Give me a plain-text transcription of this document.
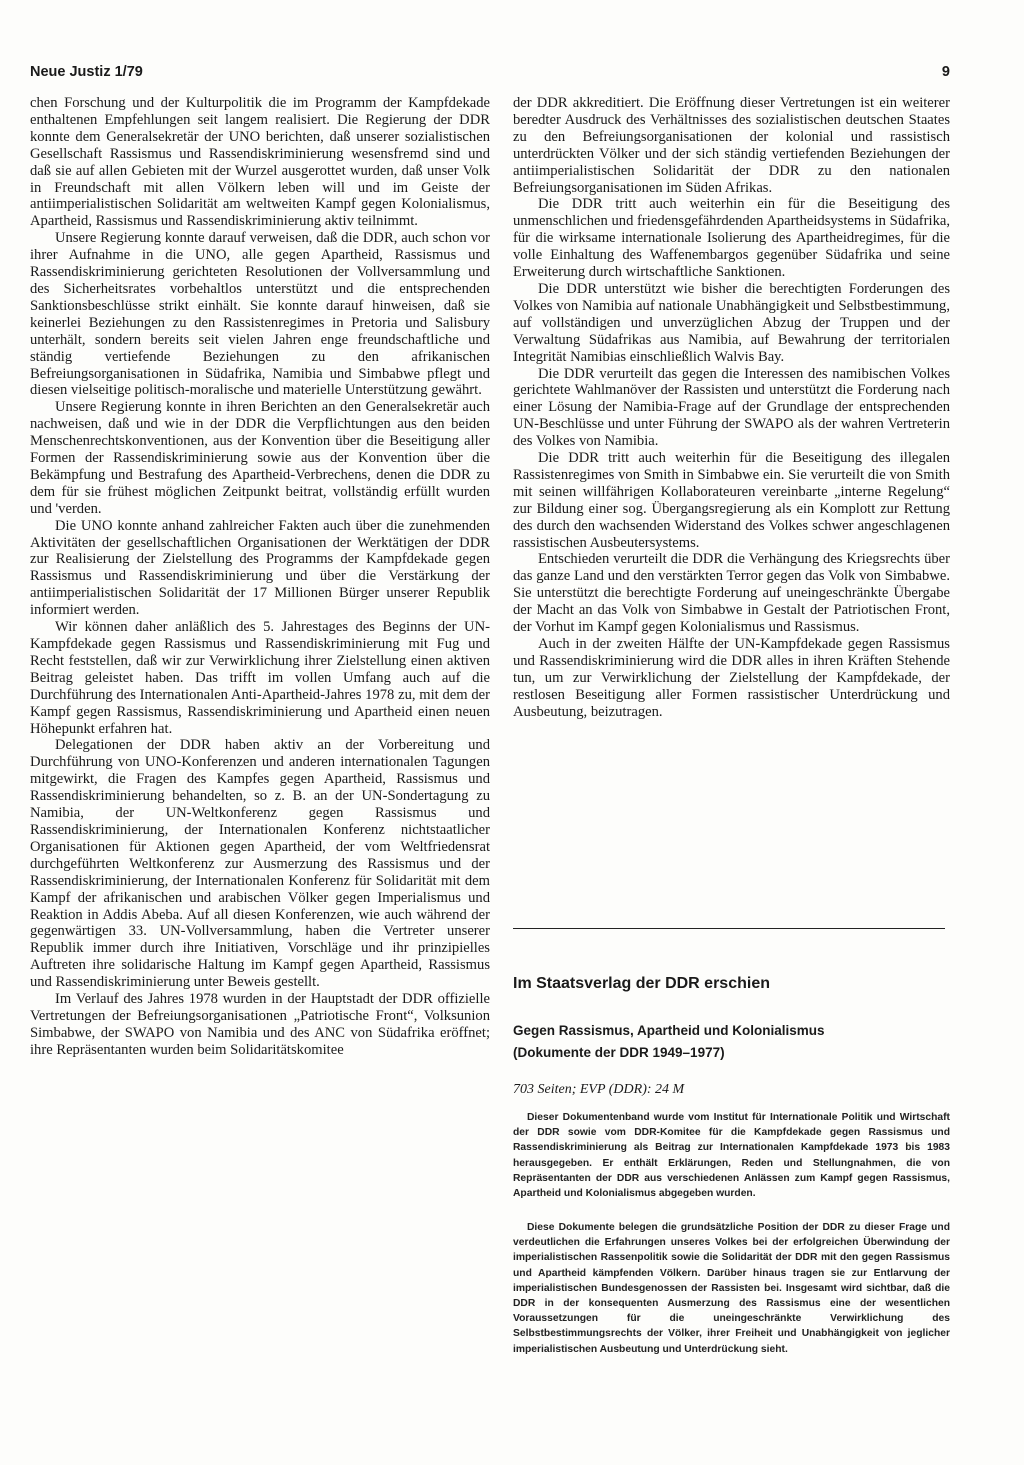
Neue Justiz 1/79	9

chen Forschung und der Kulturpolitik die im Programm der Kampfdekade enthaltenen Empfehlungen seit langem realisiert. Die Regierung der DDR konnte dem Generalsekretär der UNO berichten, daß unserer sozialistischen Gesellschaft Rassismus und Rassendiskriminierung wesensfremd sind und daß sie auf allen Gebieten mit der Wurzel ausgerottet wurden, daß unser Volk in Freundschaft mit allen Völkern leben will und im Geiste der antiimperialistischen Solidarität am weltweiten Kampf gegen Kolonialismus, Apartheid, Rassismus und Rassendiskriminierung aktiv teilnimmt.

Unsere Regierung konnte darauf verweisen, daß die DDR, auch schon vor ihrer Aufnahme in die UNO, alle gegen Apartheid, Rassismus und Rassendiskriminierung gerichteten Resolutionen der Vollversammlung und des Sicherheitsrates vorbehaltlos unterstützt und die entsprechenden Sanktionsbeschlüsse strikt einhält. Sie konnte darauf hinweisen, daß sie keinerlei Beziehungen zu den Rassistenregimes in Pretoria und Salisbury unterhält, sondern bereits seit vielen Jahren enge freundschaftliche und ständig vertiefende Beziehungen zu den afrikanischen Befreiungsorganisationen in Südafrika, Namibia und Simbabwe pflegt und diesen vielseitige politisch-moralische und materielle Unterstützung gewährt.

Unsere Regierung konnte in ihren Berichten an den Generalsekretär auch nachweisen, daß und wie in der DDR die Verpflichtungen aus den beiden Menschenrechtskonventionen, aus der Konvention über die Beseitigung aller Formen der Rassendiskriminierung sowie aus der Konvention über die Bekämpfung und Bestrafung des Apartheid-Verbrechens, denen die DDR zu dem für sie frühest möglichen Zeitpunkt beitrat, vollständig erfüllt wurden und 'verden.

Die UNO konnte anhand zahlreicher Fakten auch über die zunehmenden Aktivitäten der gesellschaftlichen Organisationen der Werktätigen der DDR zur Realisierung der Zielstellung des Programms der Kampfdekade gegen Rassismus und Rassendiskriminierung und über die Verstärkung der antiimperialistischen Solidarität der 17 Millionen Bürger unserer Republik informiert werden.

Wir können daher anläßlich des 5. Jahrestages des Beginns der UN-Kampfdekade gegen Rassismus und Rassendiskriminierung mit Fug und Recht feststellen, daß wir zur Verwirklichung ihrer Zielstellung einen aktiven Beitrag geleistet haben. Das trifft im vollen Umfang auch auf die Durchführung des Internationalen Anti-Apartheid-Jahres 1978 zu, mit dem der Kampf gegen Rassismus, Rassendiskriminierung und Apartheid einen neuen Höhepunkt erfahren hat.

Delegationen der DDR haben aktiv an der Vorbereitung und Durchführung von UNO-Konferenzen und anderen internationalen Tagungen mitgewirkt, die Fragen des Kampfes gegen Apartheid, Rassismus und Rassendiskriminierung behandelten, so z. B. an der UN-Sondertagung zu Namibia, der UN-Weltkonferenz gegen Rassismus und Rassendiskriminierung, der Internationalen Konferenz nichtstaatlicher Organisationen für Aktionen gegen Apartheid, der vom Weltfriedensrat durchgeführten Weltkonferenz zur Ausmerzung des Rassismus und der Rassendiskriminierung, der Internationalen Konferenz für Solidarität mit dem Kampf der afrikanischen und arabischen Völker gegen Imperialismus und Reaktion in Addis Abeba. Auf all diesen Konferenzen, wie auch während der gegenwärtigen 33. UN-Vollversammlung, haben die Vertreter unserer Republik immer durch ihre Initiativen, Vorschläge und ihr prinzipielles Auftreten ihre solidarische Haltung im Kampf gegen Apartheid, Rassismus und Rassendiskriminierung unter Beweis gestellt.

Im Verlauf des Jahres 1978 wurden in der Hauptstadt der DDR offizielle Vertretungen der Befreiungsorganisationen „Patriotische Front“, Volksunion Simbabwe, der SWAPO von Namibia und des ANC von Südafrika eröffnet; ihre Repräsentanten wurden beim Solidaritätskomitee

der DDR akkreditiert. Die Eröffnung dieser Vertretungen ist ein weiterer beredter Ausdruck des Verhältnisses des sozialistischen deutschen Staates zu den Befreiungsorganisationen der kolonial und rassistisch unterdrückten Völker und der sich ständig vertiefenden Beziehungen der antiimperialistischen Solidarität der DDR zu den nationalen Befreiungsorganisationen im Süden Afrikas.

Die DDR tritt auch weiterhin ein für die Beseitigung des unmenschlichen und friedensgefährdenden Apartheidsystems in Südafrika, für die wirksame internationale Isolierung des Apartheidregimes, für die volle Einhaltung des Waffenembargos gegenüber Südafrika und seine Erweiterung durch wirtschaftliche Sanktionen.

Die DDR unterstützt wie bisher die berechtigten Forderungen des Volkes von Namibia auf nationale Unabhängigkeit und Selbstbestimmung, auf vollständigen und unverzüglichen Abzug der Truppen und der Verwaltung Südafrikas aus Namibia, auf Bewahrung der territorialen Integrität Namibias einschließlich Walvis Bay.

Die DDR verurteilt das gegen die Interessen des namibischen Volkes gerichtete Wahlmanöver der Rassisten und unterstützt die Forderung nach einer Lösung der Namibia-Frage auf der Grundlage der entsprechenden UN-Beschlüsse und unter Führung der SWAPO als der wahren Vertreterin des Volkes von Namibia.

Die DDR tritt auch weiterhin für die Beseitigung des illegalen Rassistenregimes von Smith in Simbabwe ein. Sie verurteilt die von Smith mit seinen willfährigen Kollaborateuren vereinbarte „interne Regelung“ zur Bildung einer sog. Übergangsregierung als ein Komplott zur Rettung des durch den wachsenden Widerstand des Volkes schwer angeschlagenen rassistischen Ausbeutersystems.

Entschieden verurteilt die DDR die Verhängung des Kriegsrechts über das ganze Land und den verstärkten Terror gegen das Volk von Simbabwe. Sie unterstützt die berechtigte Forderung auf uneingeschränkte Übergabe der Macht an das Volk von Simbabwe in Gestalt der Patriotischen Front, der Vorhut im Kampf gegen Kolonialismus und Rassismus.

Auch in der zweiten Hälfte der UN-Kampfdekade gegen Rassismus und Rassendiskriminierung wird die DDR alles in ihren Kräften Stehende tun, um zur Verwirklichung der Zielstellung der Kampfdekade, der restlosen Beseitigung aller Formen rassistischer Unterdrückung und Ausbeutung, beizutragen.

Im Staatsverlag der DDR erschien
Gegen Rassismus, Apartheid und Kolonialismus
(Dokumente der DDR 1949–1977)
703 Seiten; EVP (DDR): 24 M

Dieser Dokumentenband wurde vom Institut für Internationale Politik und Wirtschaft der DDR sowie vom DDR-Komitee für die Kampfdekade gegen Rassismus und Rassendiskriminierung als Beitrag zur Internationalen Kampfdekade 1973 bis 1983 herausgegeben. Er enthält Erklärungen, Reden und Stellungnahmen, die von Repräsentanten der DDR aus verschiedenen Anlässen zum Kampf gegen Rassismus, Apartheid und Kolonialismus abgegeben wurden.

Diese Dokumente belegen die grundsätzliche Position der DDR zu dieser Frage und verdeutlichen die Erfahrungen unseres Volkes bei der erfolgreichen Überwindung der imperialistischen Rassenpolitik sowie die Solidarität der DDR mit den gegen Rassismus und Apartheid kämpfenden Völkern. Darüber hinaus tragen sie zur Entlarvung der imperialistischen Bundesgenossen der Rassisten bei. Insgesamt wird sichtbar, daß die DDR in der konsequenten Ausmerzung des Rassismus eine der wesentlichen Voraussetzungen für die uneingeschränkte Verwirklichung des Selbstbestimmungsrechts der Völker, ihrer Freiheit und Unabhängigkeit von jeglicher imperialistischen Ausbeutung und Unterdrückung sieht.
